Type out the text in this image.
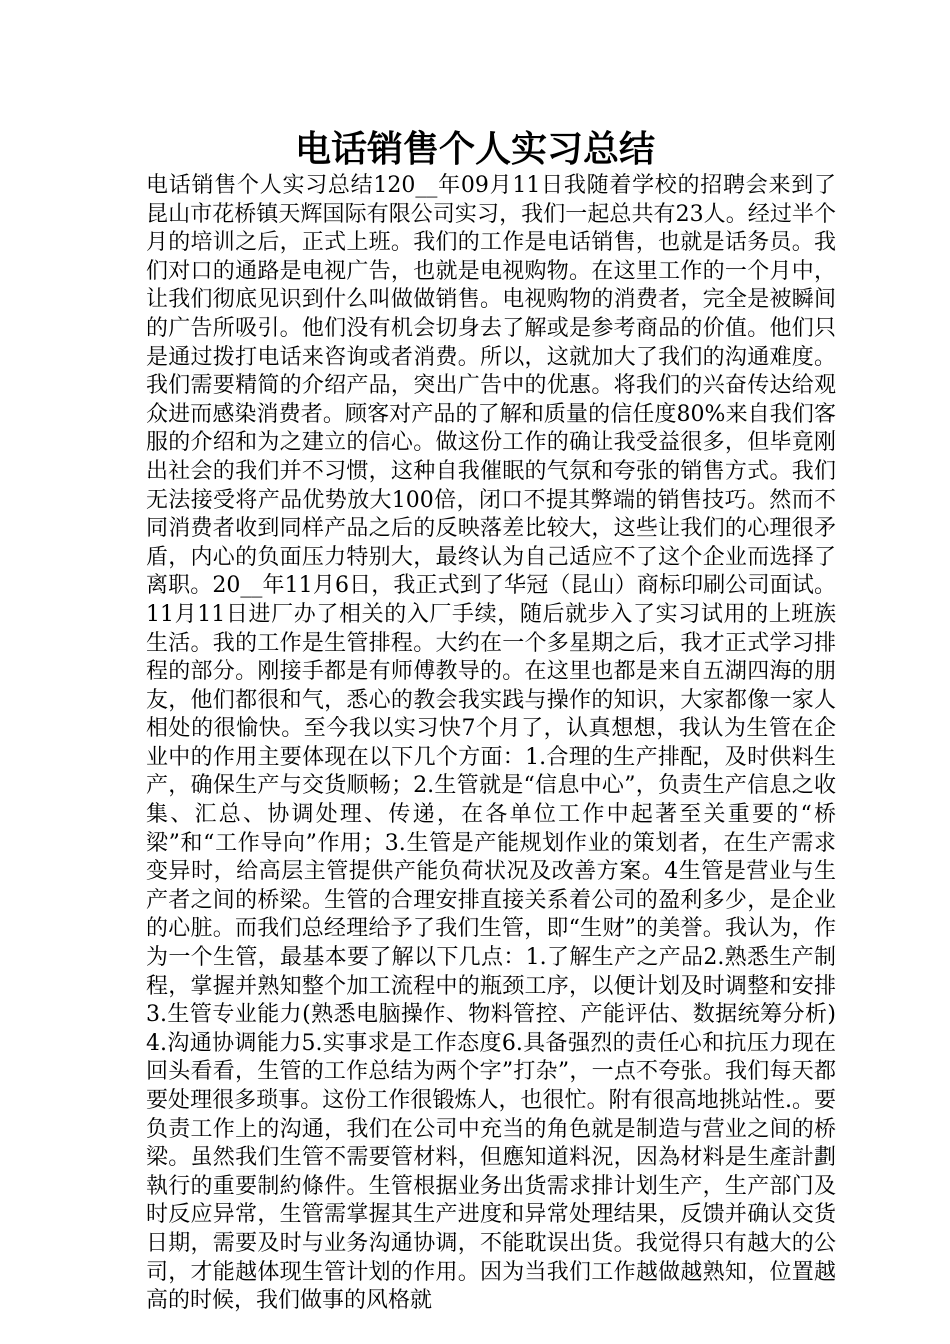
电话销售个人实习总结

电话销售个人实习总结120__年09月11日我随着学校的招聘会来到了昆山市花桥镇天辉国际有限公司实习，我们一起总共有23人。经过半个月的培训之后，正式上班。我们的工作是电话销售，也就是话务员。我们对口的通路是电视广告，也就是电视购物。在这里工作的一个月中，让我们彻底见识到什么叫做做销售。电视购物的消费者，完全是被瞬间的广告所吸引。他们没有机会切身去了解或是参考商品的价值。他们只是通过拨打电话来咨询或者消费。所以，这就加大了我们的沟通难度。我们需要精简的介绍产品，突出广告中的优惠。将我们的兴奋传达给观众进而感染消费者。顾客对产品的了解和质量的信任度80%来自我们客服的介绍和为之建立的信心。做这份工作的确让我受益很多，但毕竟刚出社会的我们并不习惯，这种自我催眠的气氛和夸张的销售方式。我们无法接受将产品优势放大100倍，闭口不提其弊端的销售技巧。然而不同消费者收到同样产品之后的反映落差比较大，这些让我们的心理很矛盾，内心的负面压力特别大，最终认为自己适应不了这个企业而选择了离职。20__年11月6日，我正式到了华冠（昆山）商标印刷公司面试。11月11日进厂办了相关的入厂手续，随后就步入了实习试用的上班族生活。我的工作是生管排程。大约在一个多星期之后，我才正式学习排程的部分。刚接手都是有师傅教导的。在这里也都是来自五湖四海的朋友，他们都很和气，悉心的教会我实践与操作的知识，大家都像一家人相处的很愉快。至今我以实习快7个月了，认真想想，我认为生管在企业中的作用主要体现在以下几个方面：1.合理的生产排配，及时供料生产，确保生产与交货顺畅；2.生管就是“信息中心”，负责生产信息之收集、汇总、协调处理、传递，在各单位工作中起著至关重要的“桥梁”和“工作导向”作用；3.生管是产能规划作业的策划者，在生产需求变异时，给高层主管提供产能负荷状况及改善方案。4生管是营业与生产者之间的桥梁。生管的合理安排直接关系着公司的盈利多少，是企业的心脏。而我们总经理给予了我们生管，即“生财”的美誉。我认为，作为一个生管，最基本要了解以下几点：1.了解生产之产品2.熟悉生产制程，掌握并熟知整个加工流程中的瓶颈工序，以便计划及时调整和安排3.生管专业能力(熟悉电脑操作、物料管控、产能评估、数据统筹分析)4.沟通协调能力5.实事求是工作态度6.具备强烈的责任心和抗压力现在回头看看，生管的工作总结为两个字”打杂”，一点不夸张。我们每天都要处理很多琐事。这份工作很锻炼人，也很忙。附有很高地挑站性.。要负责工作上的沟通，我们在公司中充当的角色就是制造与营业之间的桥梁。虽然我们生管不需要管材料，但應知道料況，因為材料是生產計劃執行的重要制約條件。生管根据业务出货需求排计划生产，生产部门及时反应异常，生管需掌握其生产进度和异常处理结果，反馈并确认交货日期，需要及时与业务沟通协调，不能耽误出货。我觉得只有越大的公司，才能越体现生管计划的作用。因为当我们工作越做越熟知，位置越高的时候，我们做事的风格就
